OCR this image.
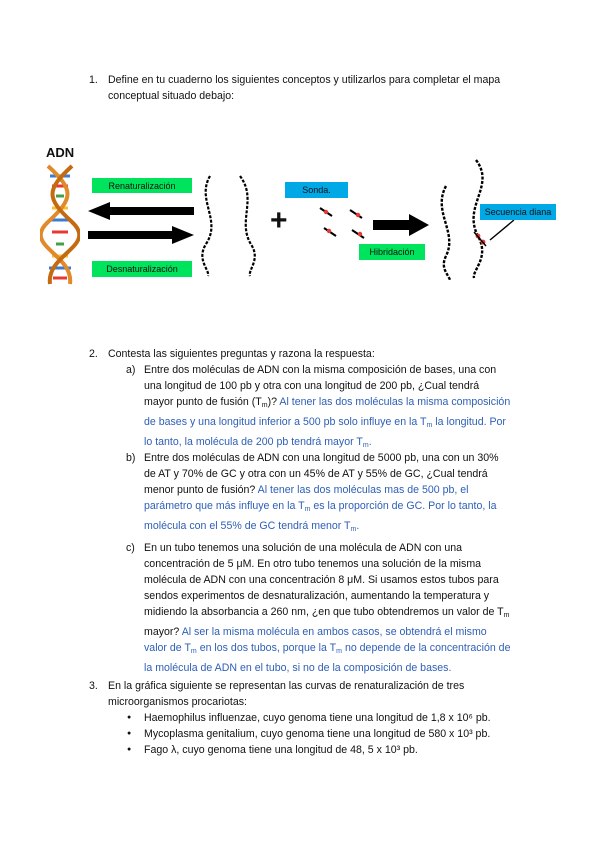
1. Define en tu cuaderno los siguientes conceptos y utilizarlos para completar el mapa
conceptual situado debajo:
ADN
Renaturalización
Desnaturalización
+
Sonda.
Hibridación
Secuencia diana
2. Contesta las siguientes preguntas y razona la respuesta:
a) Entre dos moléculas de ADN con la misma composición de bases, una con
una longitud de 100 pb y otra con una longitud de 200 pb, ¿Cual tendrá
mayor punto de fusión $(T_m)$? Al tener las dos moléculas la misma composición
de bases y una longitud inferior a 500 pb solo influye en la $T_m$ la longitud. Por
lo tanto, la molécula de 200 pb tendrá mayor $T_m$.
b) Entre dos moléculas de ADN con una longitud de 5000 pb, una con un 30%
de AT y 70% de GC y otra con un 45% de AT y 55% de GC, ¿Cual tendrá
menor punto de fusión? Al tener las dos moléculas mas de 500 pb, el
parámetro que más influye en la $T_m$ es la proporción de GC. Por lo tanto, la
molécula con el 55% de GC tendrá menor $T_m$.
c) En un tubo tenemos una solución de una molécula de ADN con una
concentración de 5 μM. En otro tubo tenemos una solución de la misma
molécula de ADN con una concentración 8 μM. Si usamos estos tubos para
sendos experimentos de desnaturalización, aumentando la temperatura y
midiendo la absorbancia a 260 nm, ¿en que tubo obtendremos un valor de $T_m$
mayor? Al ser la misma molécula en ambos casos, se obtendrá el mismo
valor de $T_m$ en los dos tubos, porque la $T_m$ no depende de la concentración de
la molécula de ADN en el tubo, si no de la composición de bases.
3. En la gráfica siguiente se representan las curvas de renaturalización de tres
microorganismos procariotas:
● Haemophilus influenzae, cuyo genoma tiene una longitud de 1,8 x 10⁶ pb.
● Mycoplasma genitalium, cuyo genoma tiene una longitud de 580 x 10³ pb.
● Fago λ, cuyo genoma tiene una longitud de 48, 5 x 10³ pb.
